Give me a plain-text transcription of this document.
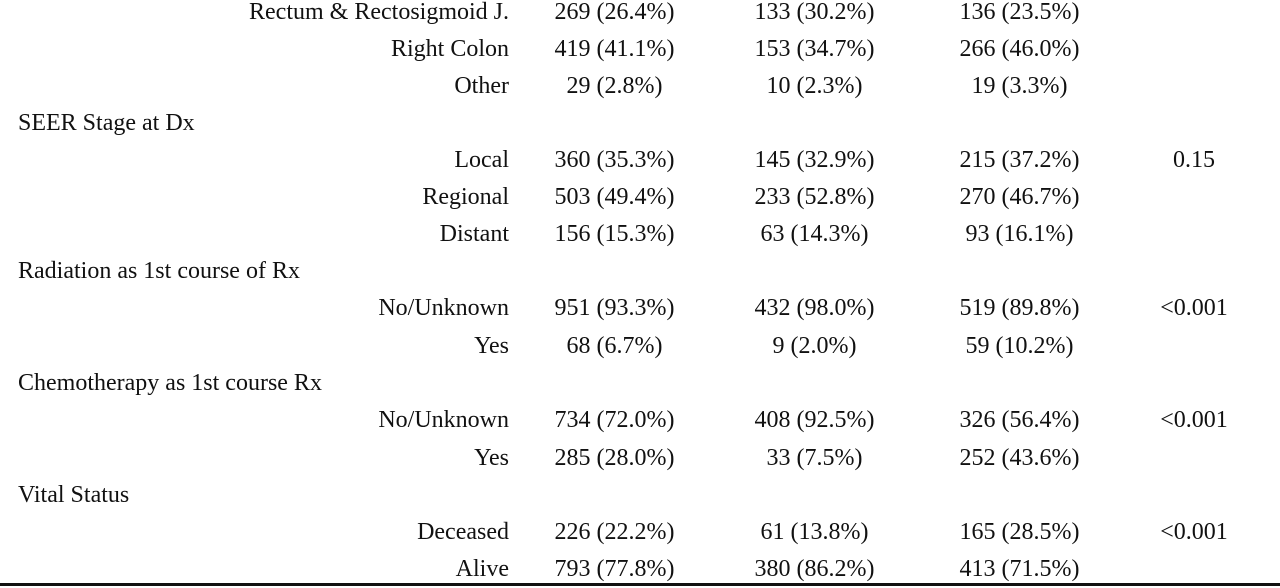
Rectum & Rectosigmoid J.	269 (26.4%)	133 (30.2%)	136 (23.5%)
Right Colon	419 (41.1%)	153 (34.7%)	266 (46.0%)
Other	29 (2.8%)	10 (2.3%)	19 (3.3%)
SEER Stage at Dx
Local	360 (35.3%)	145 (32.9%)	215 (37.2%)	0.15
Regional	503 (49.4%)	233 (52.8%)	270 (46.7%)
Distant	156 (15.3%)	63 (14.3%)	93 (16.1%)
Radiation as 1st course of Rx
No/Unknown	951 (93.3%)	432 (98.0%)	519 (89.8%)	<0.001
Yes	68 (6.7%)	9 (2.0%)	59 (10.2%)
Chemotherapy as 1st course Rx
No/Unknown	734 (72.0%)	408 (92.5%)	326 (56.4%)	<0.001
Yes	285 (28.0%)	33 (7.5%)	252 (43.6%)
Vital Status
Deceased	226 (22.2%)	61 (13.8%)	165 (28.5%)	<0.001
Alive	793 (77.8%)	380 (86.2%)	413 (71.5%)
